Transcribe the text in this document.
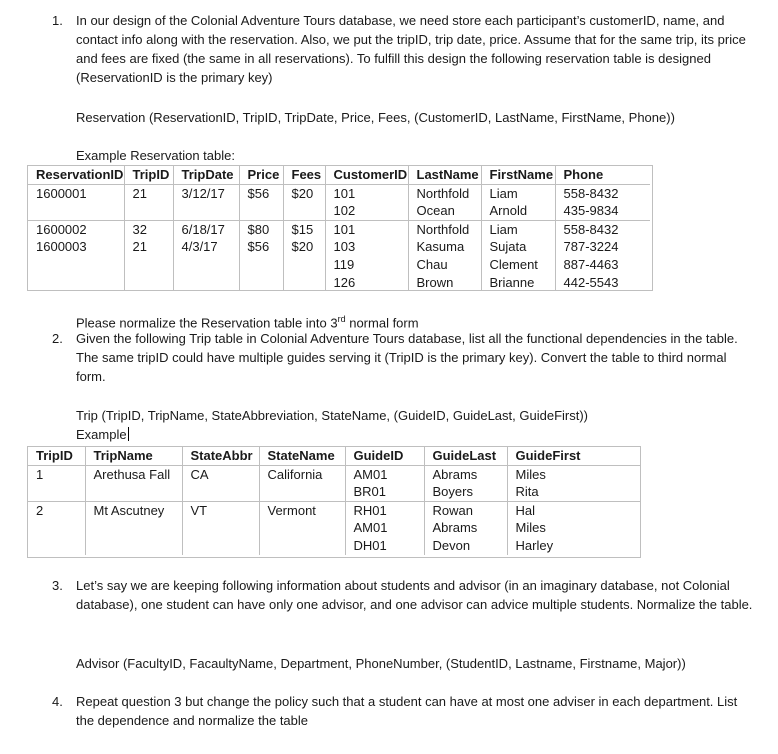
1. In our design of the Colonial Adventure Tours database, we need store each participant’s customerID, name, and contact info along with the reservation. Also, we put the tripID, trip date, price. Assume that for the same trip, its price and fees are fixed (the same in all reservations). To fulfill this design the following reservation table is designed (ReservationID is the primary key)
Reservation (ReservationID, TripID, TripDate, Price, Fees, (CustomerID, LastName, FirstName, Phone))
Example Reservation table:
ReservationID	TripID	TripDate	Price	Fees	CustomerID	LastName	FirstName	Phone
1600001	21	3/12/17	$56	$20	101	Northfold	Liam	558-8432
					102	Ocean	Arnold	435-9834
1600002	32	6/18/17	$80	$15	101	Northfold	Liam	558-8432
1600003	21	4/3/17	$56	$20	103	Kasuma	Sujata	787-3224
					119	Chau	Clement	887-4463
					126	Brown	Brianne	442-5543
Please normalize the Reservation table into 3rd normal form
2. Given the following Trip table in Colonial Adventure Tours database, list all the functional dependencies in the table. The same tripID could have multiple guides serving it (TripID is the primary key). Convert the table to third normal form.
Trip (TripID, TripName, StateAbbreviation, StateName, (GuideID, GuideLast, GuideFirst))
Example
TripID	TripName	StateAbbr	StateName	GuideID	GuideLast	GuideFirst
1	Arethusa Fall	CA	California	AM01	Abrams	Miles
				BR01	Boyers	Rita
2	Mt Ascutney	VT	Vermont	RH01	Rowan	Hal
				AM01	Abrams	Miles
				DH01	Devon	Harley
3. Let’s say we are keeping following information about students and advisor (in an imaginary database, not Colonial database), one student can have only one advisor, and one advisor can advice multiple students. Normalize the table.
Advisor (FacultyID, FacaultyName, Department, PhoneNumber, (StudentID, Lastname, Firstname, Major))
4. Repeat question 3 but change the policy such that a student can have at most one adviser in each department. List the dependence and normalize the table
